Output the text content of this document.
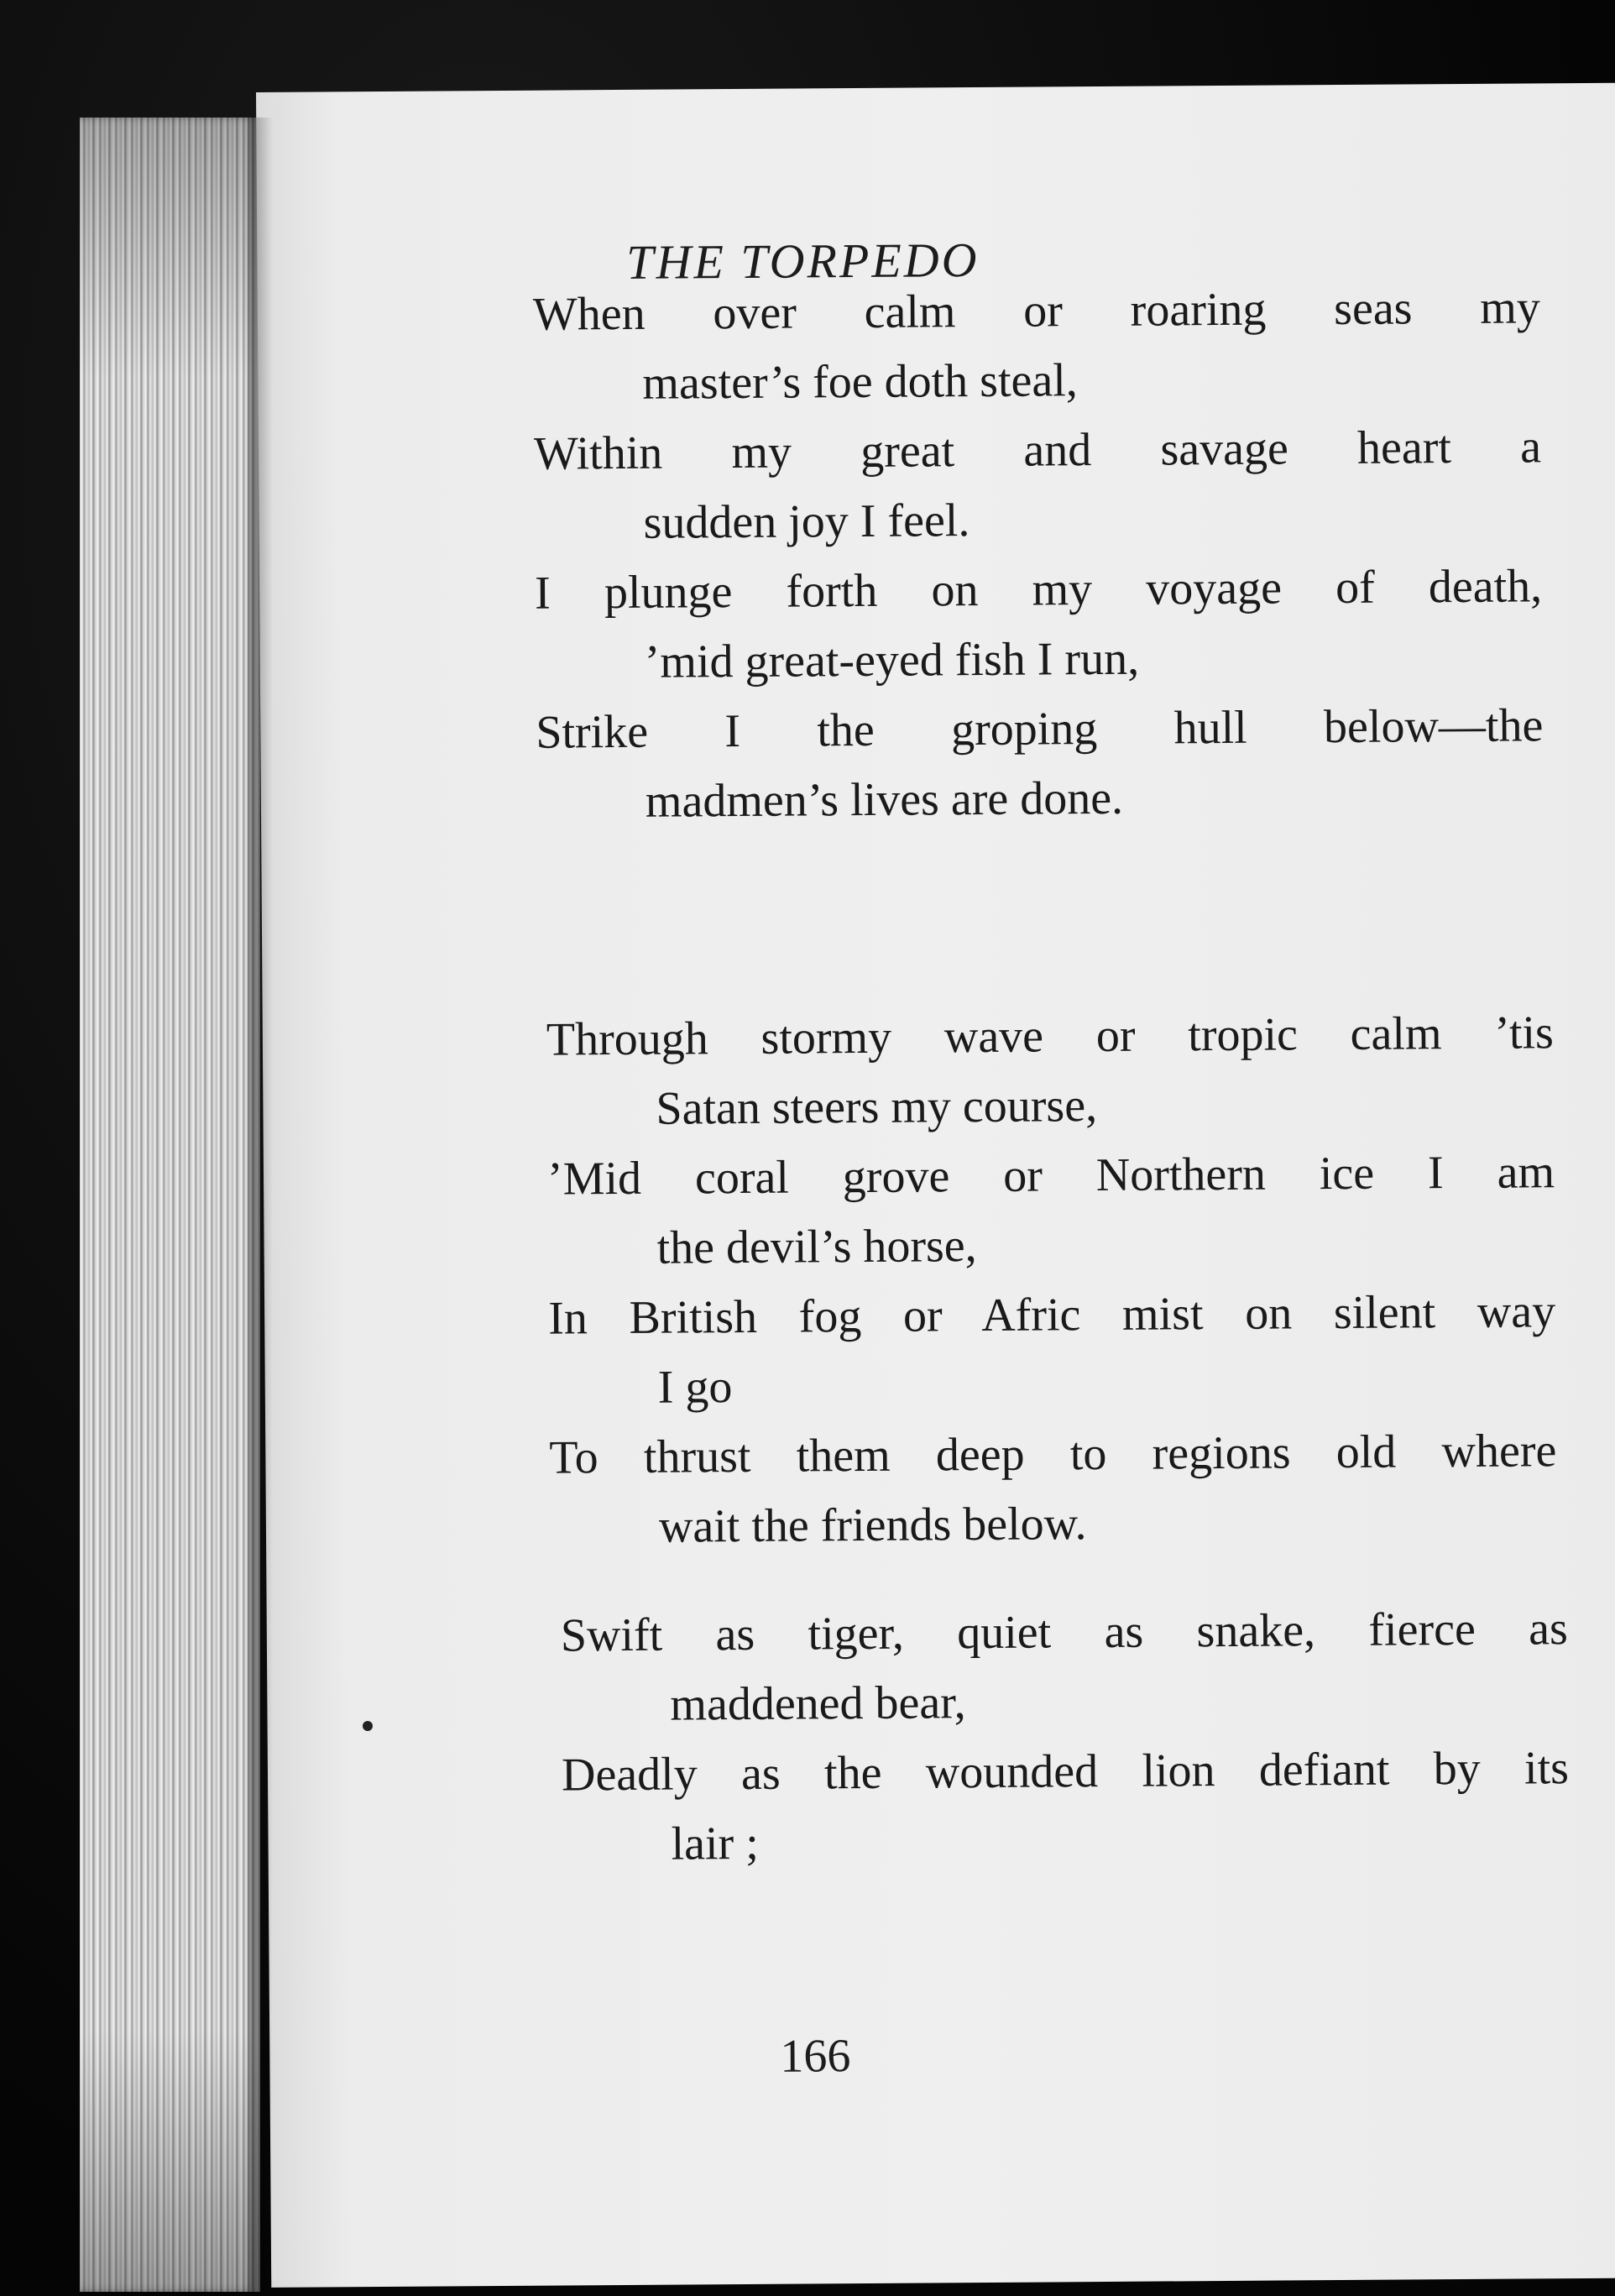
THE TORPEDO
When over calm or roaring seas my
master’s foe doth steal,
Within my great and savage heart a
sudden joy I feel.
I plunge forth on my voyage of death,
’mid great-eyed fish I run,
Strike I the groping hull below—the
madmen’s lives are done.
Through stormy wave or tropic calm ’tis
Satan steers my course,
’Mid coral grove or Northern ice I am
the devil’s horse,
In British fog or Afric mist on silent way
I go
To thrust them deep to regions old where
wait the friends below.
Swift as tiger, quiet as snake, fierce as
maddened bear,
Deadly as the wounded lion defiant by its
lair ;
166
